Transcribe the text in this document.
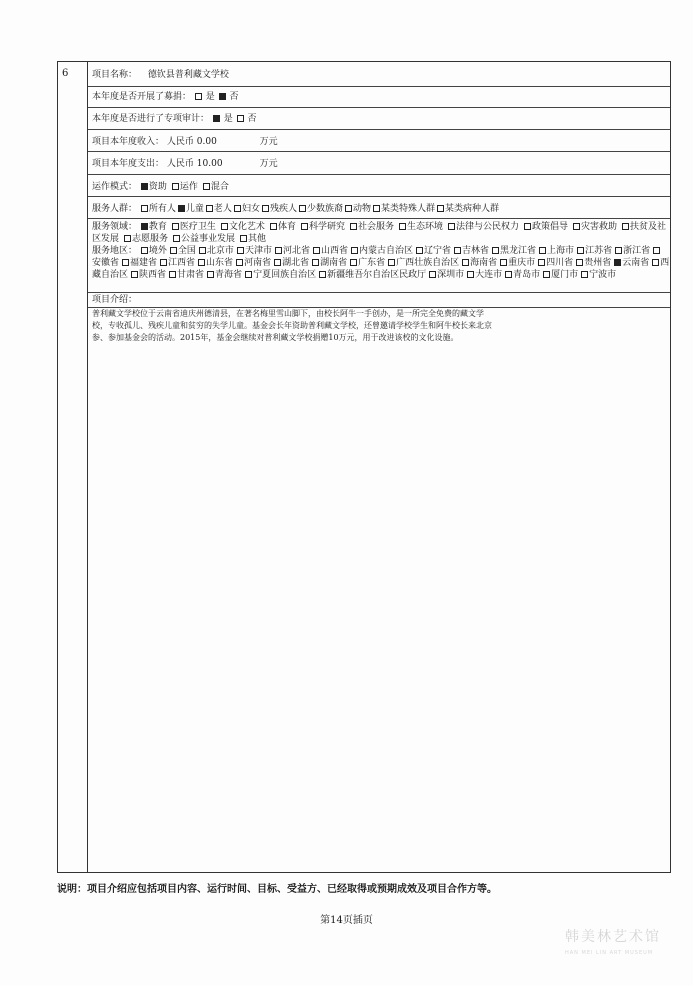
6	项目名称： 德钦县普利藏文学校
本年度是否开展了募捐： 是 否
本年度是否进行了专项审计： 是 否
项目本年度收入： 人民币 0.00	万元
项目本年度支出： 人民币 10.00	万元
运作模式： 资助 运作 混合
服务人群： 所有人 儿童 老人 妇女 残疾人 少数族裔 动物 某类特殊人群 某类病种人群
服务领域： 教育 医疗卫生 文化艺术 体育 科学研究 社会服务 生态环境 法律与公民权力 政策倡导 灾害救助 扶贫及社区发展 志愿服务 公益事业发展 其他
服务地区： 境外 全国 北京市 天津市 河北省 山西省 内蒙古自治区 辽宁省 吉林省 黑龙江省 上海市 江苏省 浙江省安徽省 福建省 江西省 山东省 河南省 湖北省 湖南省 广东省 广西壮族自治区 海南省 重庆市 四川省 贵州省 云南省 西藏自治区 陕西省 甘肃省 青海省 宁夏回族自治区 新疆维吾尔自治区民政厅 深圳市 大连市 青岛市 厦门市 宁波市
项目介绍：

普利藏文学校位于云南省迪庆州德清县，在著名梅里雪山脚下，由校长阿牛一手创办，是一所完全免费的藏文学

校，专收孤儿、残疾儿童和贫穷的失学儿童。基金会长年资助普利藏文学校，还曾邀请学校学生和阿牛校长来北京

参、参加基金会的活动。2015年，基金会继续对普利藏文学校捐赠10万元，用于改进该校的文化设施。

说明：项目介绍应包括项目内容、运行时间、目标、受益方、已经取得或预期成效及项目合作方等。
第14页插页
韩美林艺术馆
HAN MEI LIN ART MUSEUM
